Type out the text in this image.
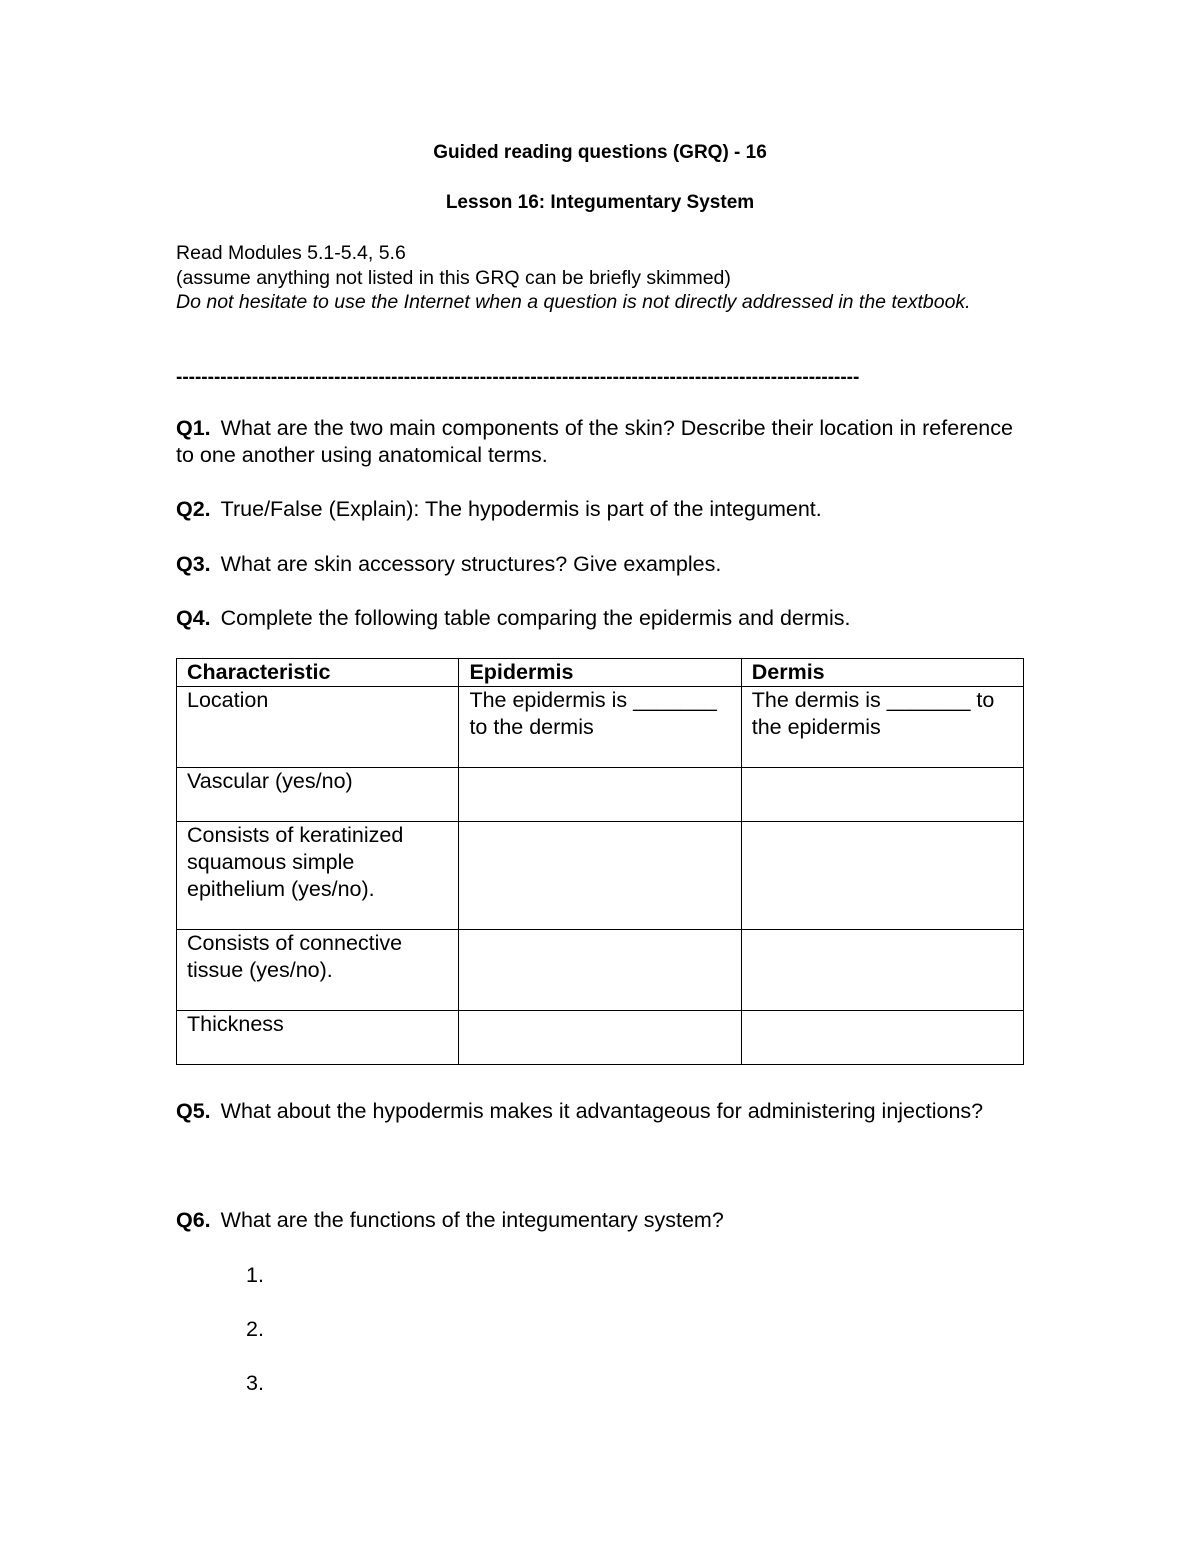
Guided reading questions (GRQ) - 16
Lesson 16: Integumentary System
Read Modules 5.1-5.4, 5.6
(assume anything not listed in this GRQ can be briefly skimmed)
Do not hesitate to use the Internet when a question is not directly addressed in the textbook.
------------------------------------------------------------------------------------------------------------
Q1. What are the two main components of the skin? Describe their location in reference to one another using anatomical terms.
Q2. True/False (Explain): The hypodermis is part of the integument.
Q3. What are skin accessory structures? Give examples.
Q4. Complete the following table comparing the epidermis and dermis.
Characteristic	Epidermis	Dermis
Location	The epidermis is _______ to the dermis	The dermis is _______ to the epidermis
Vascular (yes/no)		
Consists of keratinized squamous simple epithelium (yes/no).		
Consists of connective tissue (yes/no).		
Thickness		
Q5. What about the hypodermis makes it advantageous for administering injections?
Q6. What are the functions of the integumentary system?
1.
2.
3.
